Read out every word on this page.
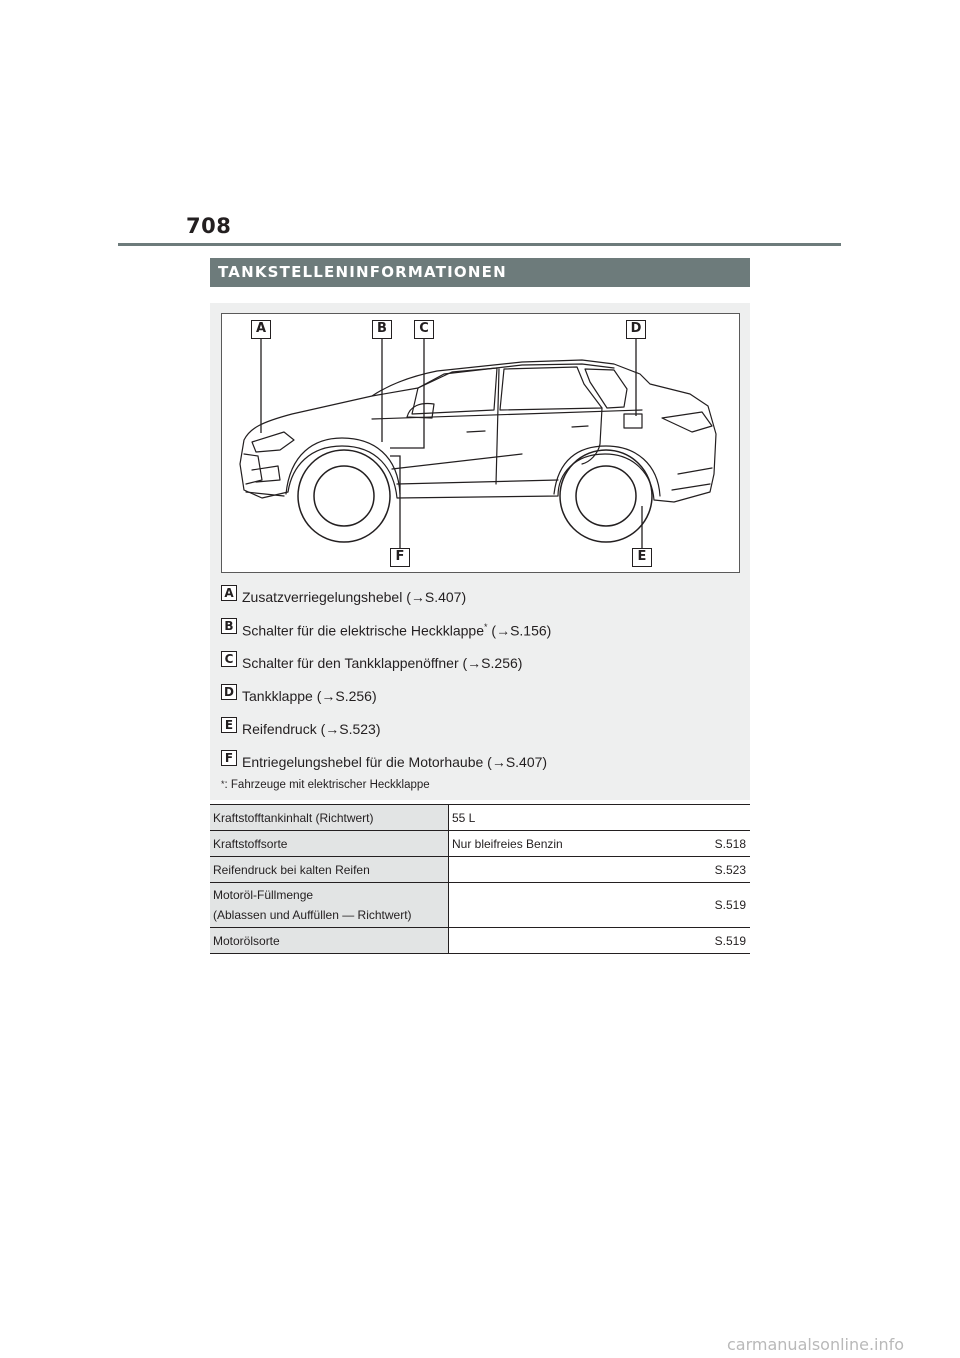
708
TANKSTELLENINFORMATIONEN
A	B	C	D
E
F
A Zusatzverriegelungshebel (→S.407)
B Schalter für die elektrische Heckklappe* (→S.156)
C Schalter für den Tankklappenöffner (→S.256)
D Tankklappe (→S.256)
E Reifendruck (→S.523)
F Entriegelungshebel für die Motorhaube (→S.407)
*: Fahrzeuge mit elektrischer Heckklappe
Kraftstofftankinhalt (Richtwert)	55 L

Kraftstoffsorte	Nur bleifreies Benzin S.518

Reifendruck bei kalten Reifen	S.523

Motoröl-Füllmenge
(Ablassen und Auffüllen — Richtwert)	S.519

Motorölsorte	S.519
carmanualsonline.info
